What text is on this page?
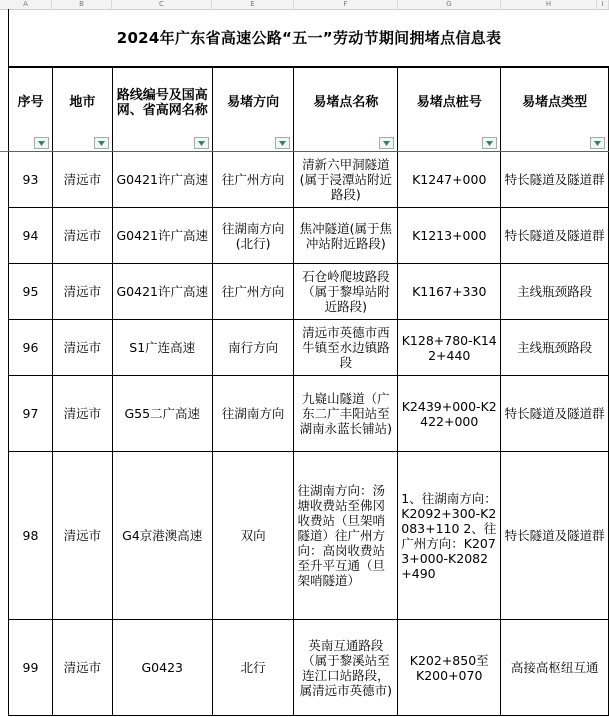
A	B	C	E	F	G	H	I
2024年广东省高速公路“五一”劳动节期间拥堵点信息表
序号	地市	路线编号及国高网、省高网名称	易堵方向	易堵点名称	易堵点桩号	易堵点类型

93	清远市	G0421许广高速	往广州方向	清新六甲洞隧道(属于浸潭站附近路段)	K1247+000	特长隧道及隧道群
94	清远市	G0421许广高速	往湖南方向(北行)	焦冲隧道(属于焦冲站附近路段)	K1213+000	特长隧道及隧道群
95	清远市	G0421许广高速	往广州方向	石仓岭爬坡路段（属于黎埠站附近路段)	K1167+330	主线瓶颈路段
96	清远市	S1广连高速	南行方向	清远市英德市西牛镇至水边镇路段	K128+780-K142+440	主线瓶颈路段
97	清远市	G55二广高速	往湖南方向	九嶷山隧道（广东二广丰阳站至湖南永蓝长铺站)	K2439+000-K2422+000	特长隧道及隧道群
98	清远市	G4京港澳高速	双向	往湖南方向：汤塘收费站至佛冈收费站（旦架哨隧道）往广州方向：高岗收费站至升平互通（旦架哨隧道）	1、往湖南方向：K2092+300-K2083+110 2、往广州方向：K2073+000-K2082+490	特长隧道及隧道群
99	清远市	G0423	北行	英南互通路段（属于黎溪站至连江口站路段，属清远市英德市)	K202+850至K200+070	高接高枢纽互通
